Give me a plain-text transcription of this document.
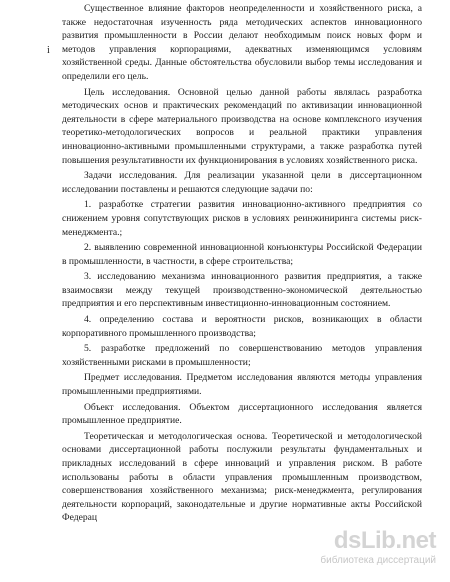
i

Существенное влияние факторов неопределенности и хозяйственного риска, а также недостаточная изученность ряда методических аспектов инновационного развития промышленности в России делают необходимым поиск новых форм и методов управления корпорациями, адекватных изменяющимся условиям хозяйственной среды. Данные обстоятельства обусловили выбор темы исследования и определили его цель.

Цель исследования. Основной целью данной работы являлась разработка методических основ и практических рекомендаций по активизации инновационной деятельности в сфере материального производства на основе комплексного изучения теоретико-методологических вопросов и реальной практики управления инновационно-активными промышленными структурами, а также разработка путей повышения результативности их функционирования в условиях хозяйственного риска.

Задачи исследования. Для реализации указанной цели в диссертационном исследовании поставлены и решаются следующие задачи по:

1. разработке стратегии развития инновационно-активного предприятия со снижением уровня сопутствующих рисков в условиях реинжиниринга системы риск-менеджмента.;

2. выявлению современной инновационной конъюнктуры Российской Федерации в промышленности, в частности, в сфере строительства;

3. исследованию механизма инновационного развития предприятия, а также взаимосвязи между текущей производственно-экономической деятельностью предприятия и его перспективным инвестиционно-инновационным состоянием.

4. определению состава и вероятности рисков, возникающих в области корпоративного промышленного производства;

5. разработке предложений по совершенствованию методов управления хозяйственными рисками в промышленности;

Предмет исследования. Предметом исследования являются методы управления промышленными предприятиями.

Объект исследования. Объектом диссертационного исследования является промышленное предприятие.

Теоретическая и методологическая основа. Теоретической и методологической основами диссертационной работы послужили результаты фундаментальных и прикладных исследований в сфере инноваций и управления риском. В работе использованы работы в области управления промышленным производством, совершенствования хозяйственного механизма; риск-менеджмента, регулирования деятельности корпораций, законодательные и другие нормативные акты Российской Федерац

dsLib.net
библиотека диссертаций
